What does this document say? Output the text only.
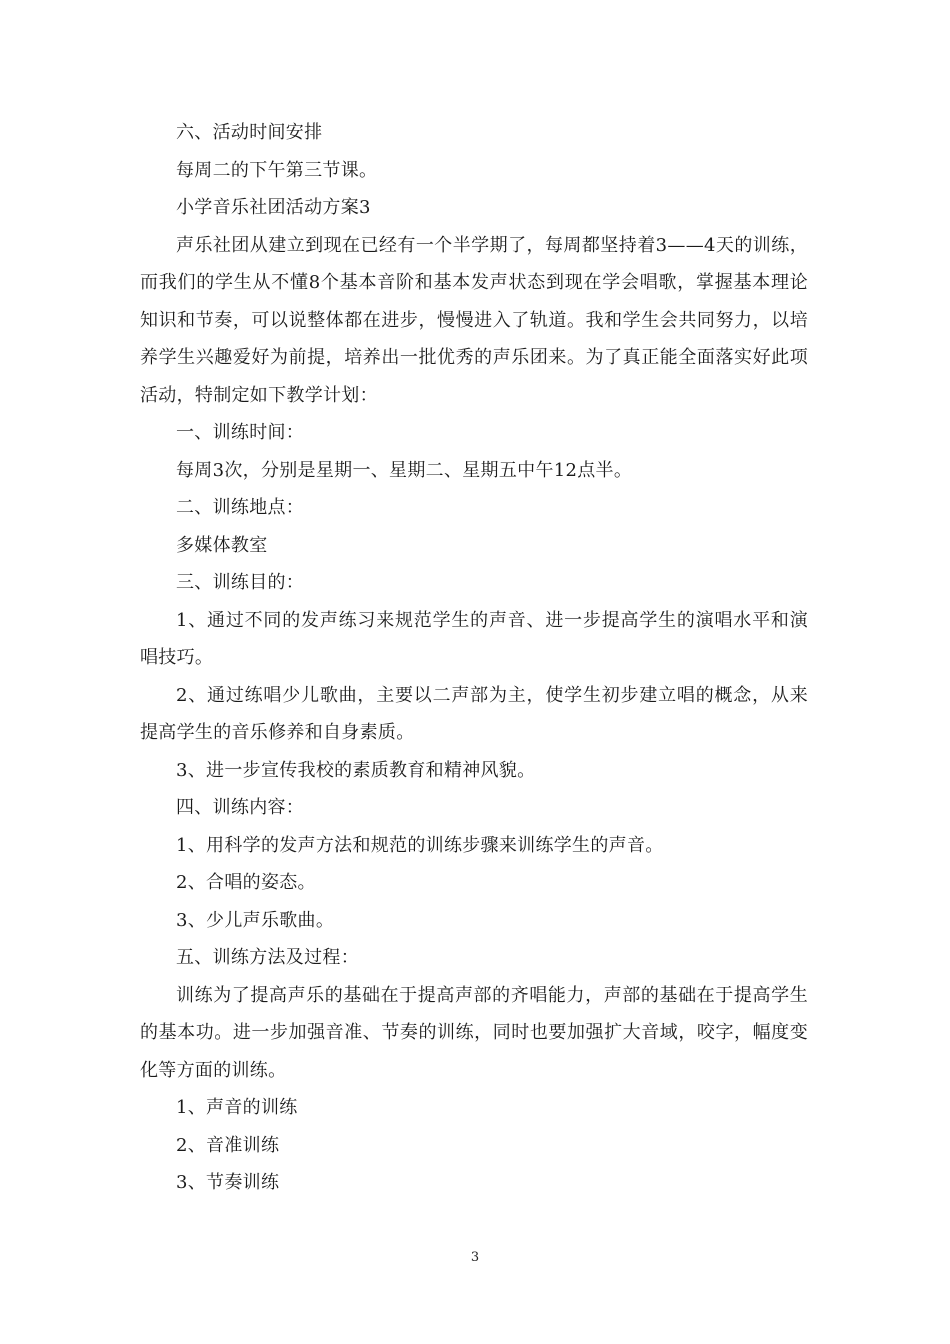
六、活动时间安排

每周二的下午第三节课。

小学音乐社团活动方案3

声乐社团从建立到现在已经有一个半学期了，每周都坚持着3——4天的训练，而我们的学生从不懂8个基本音阶和基本发声状态到现在学会唱歌，掌握基本理论知识和节奏，可以说整体都在进步，慢慢进入了轨道。我和学生会共同努力，以培养学生兴趣爱好为前提，培养出一批优秀的声乐团来。为了真正能全面落实好此项活动，特制定如下教学计划：

一、训练时间：

每周3次，分别是星期一、星期二、星期五中午12点半。

二、训练地点：

多媒体教室

三、训练目的：

1、通过不同的发声练习来规范学生的声音、进一步提高学生的演唱水平和演唱技巧。

2、通过练唱少儿歌曲，主要以二声部为主，使学生初步建立唱的概念，从来提高学生的音乐修养和自身素质。

3、进一步宣传我校的素质教育和精神风貌。

四、训练内容：

1、用科学的发声方法和规范的训练步骤来训练学生的声音。

2、合唱的姿态。

3、少儿声乐歌曲。

五、训练方法及过程：

训练为了提高声乐的基础在于提高声部的齐唱能力，声部的基础在于提高学生的基本功。进一步加强音准、节奏的训练，同时也要加强扩大音域，咬字，幅度变化等方面的训练。

1、声音的训练

2、音准训练

3、节奏训练

3
